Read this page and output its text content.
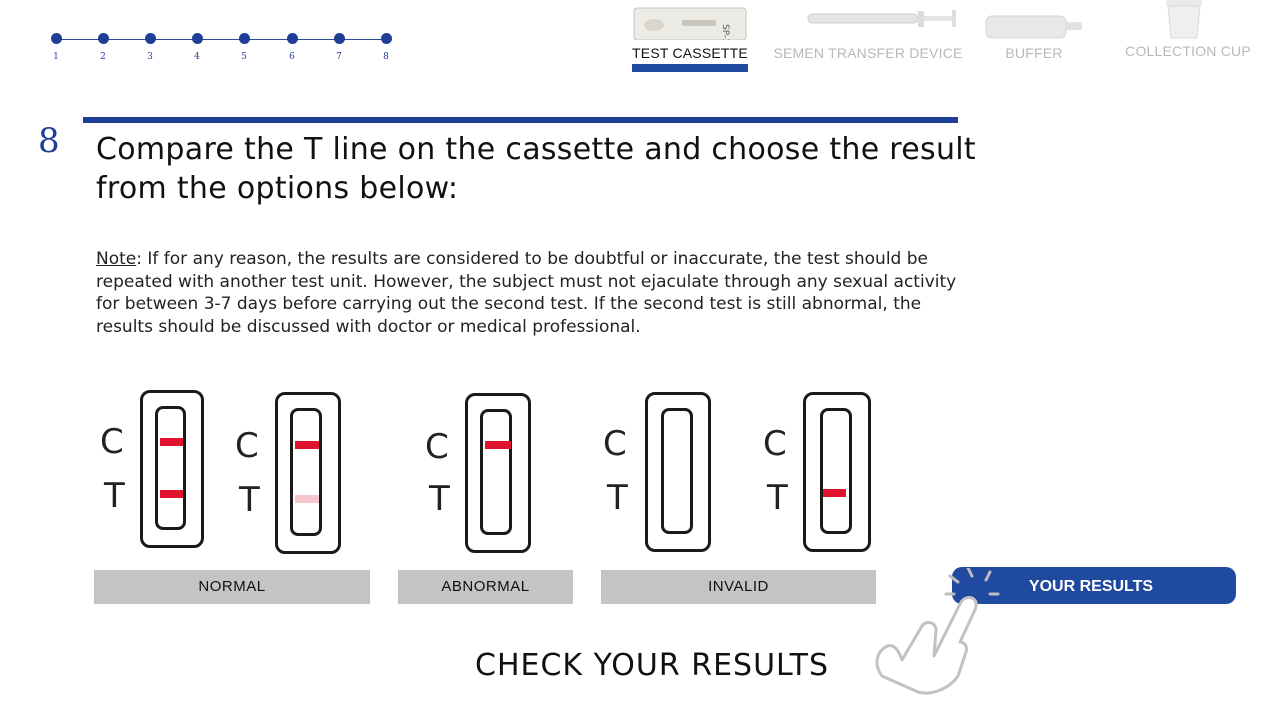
1	2	3	4	5	6	7	8
SP-10
TEST CASSETTE SEMEN TRANSFER DEVICE	BUFFER	COLLECTION CUP
8 Compare the T line on the cassette and choose the result from the options below:
Note: If for any reason, the results are considered to be doubtful or inaccurate, the test should be repeated with another test unit. However, the subject must not ejaculate through any sexual activity for between 3-7 days before carrying out the second test. If the second test is still abnormal, the results should be discussed with doctor or medical professional.
C
T
C
T
C
T
C
T
C
T
NORMAL	ABNORMAL	INVALID	YOUR RESULTS
CHECK YOUR RESULTS
